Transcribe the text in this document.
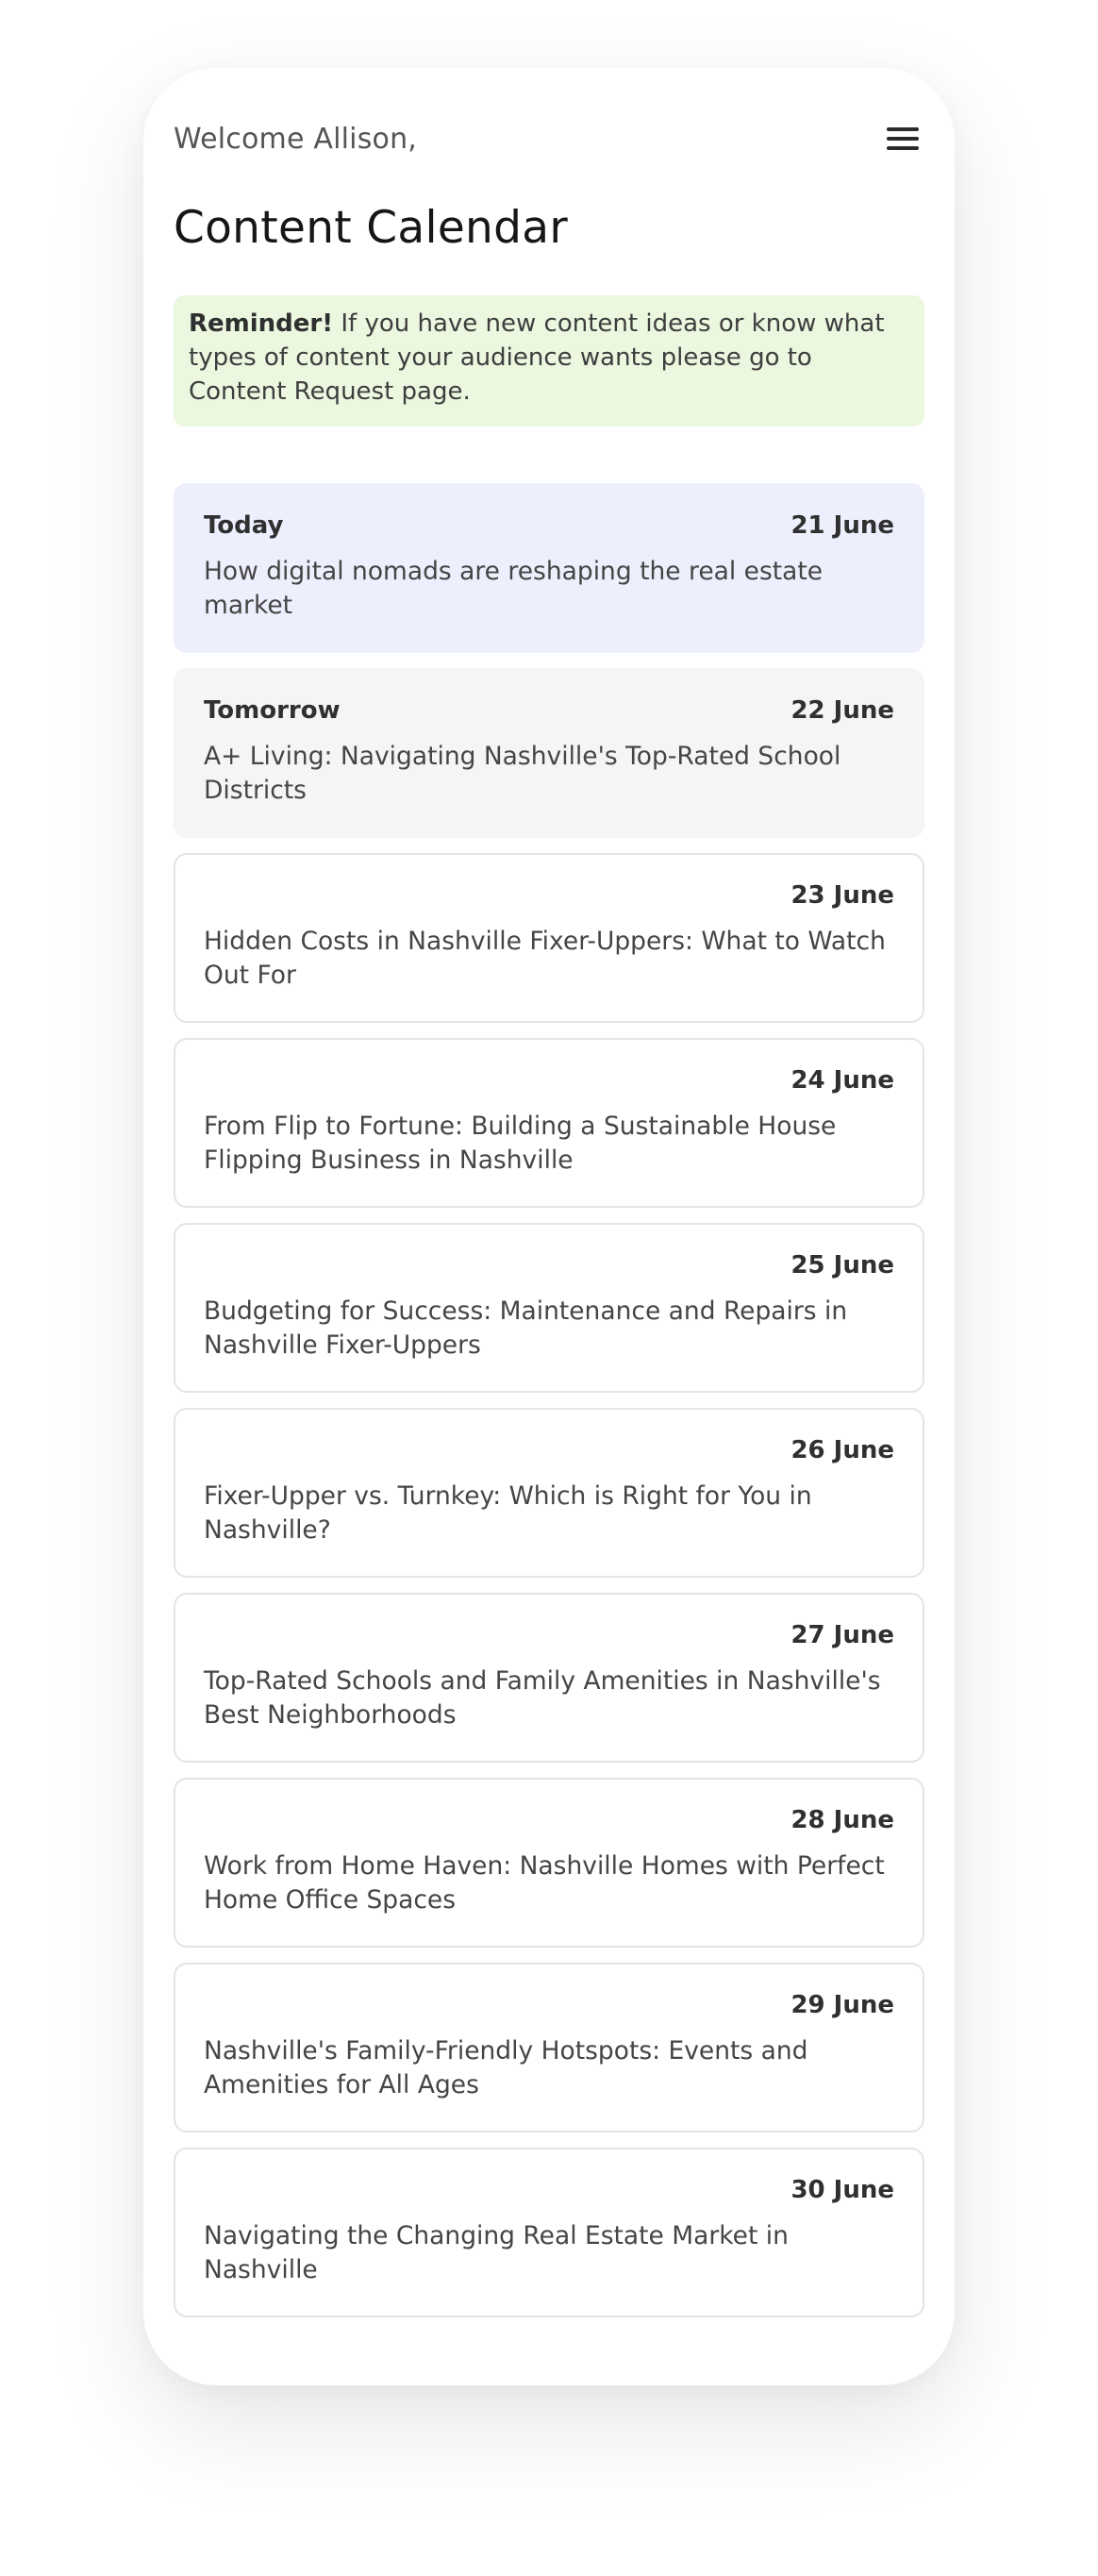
Welcome Allison,
Content Calendar
Reminder! If you have new content ideas or know what types of content your audience wants please go to Content Request page.
Today	21 June
How digital nomads are reshaping the real estate market
Tomorrow	22 June
A+ Living: Navigating Nashville's Top-Rated School Districts
23 June
Hidden Costs in Nashville Fixer-Uppers: What to Watch Out For
24 June
From Flip to Fortune: Building a Sustainable House Flipping Business in Nashville
25 June
Budgeting for Success: Maintenance and Repairs in Nashville Fixer-Uppers
26 June
Fixer-Upper vs. Turnkey: Which is Right for You in Nashville?
27 June
Top-Rated Schools and Family Amenities in Nashville's Best Neighborhoods
28 June
Work from Home Haven: Nashville Homes with Perfect Home Office Spaces
29 June
Nashville's Family-Friendly Hotspots: Events and Amenities for All Ages
30 June
Navigating the Changing Real Estate Market in Nashville
